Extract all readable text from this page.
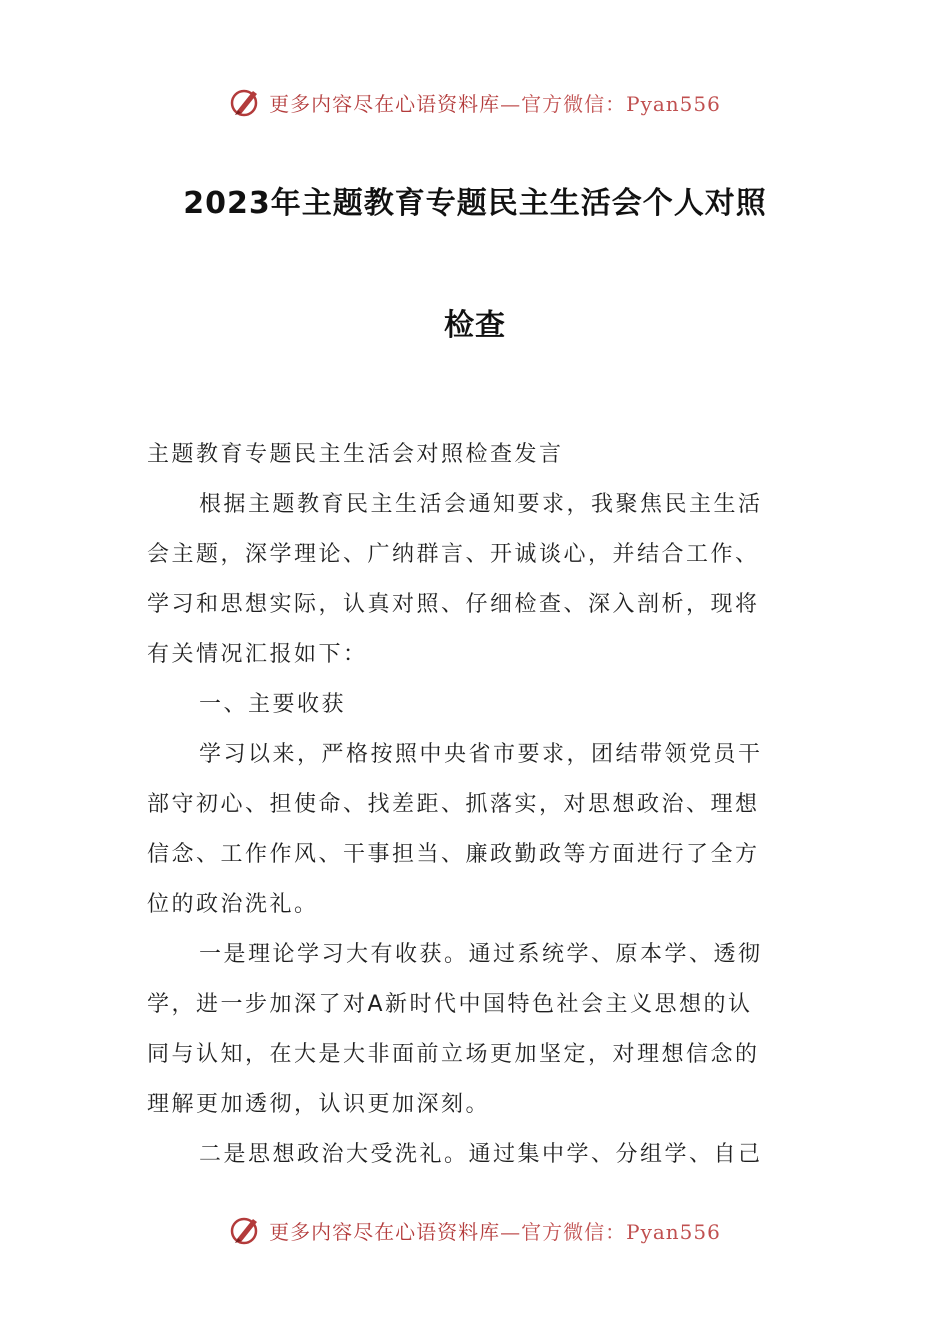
更多内容尽在心语资料库 —官方微信：Pyan556
2023年主题教育专题民主生活会个人对照
检查
主题教育专题民主生活会对照检查发言
根据主题教育民主生活会通知要求，我聚焦民主生活
会主题，深学理论、广纳群言、开诚谈心，并结合工作、
学习和思想实际，认真对照、仔细检查、深入剖析，现将
有关情况汇报如下：
一、主要收获
学习以来，严格按照中央省市要求，团结带领党员干
部守初心、担使命、找差距、抓落实，对思想政治、理想
信念、工作作风、干事担当、廉政勤政等方面进行了全方
位的政治洗礼。
一是理论学习大有收获。通过系统学、原本学、透彻
学，进一步加深了对A新时代中国特色社会主义思想的认
同与认知，在大是大非面前立场更加坚定，对理想信念的
理解更加透彻，认识更加深刻。
二是思想政治大受洗礼。通过集中学、分组学、自己
更多内容尽在心语资料库 —官方微信：Pyan556
